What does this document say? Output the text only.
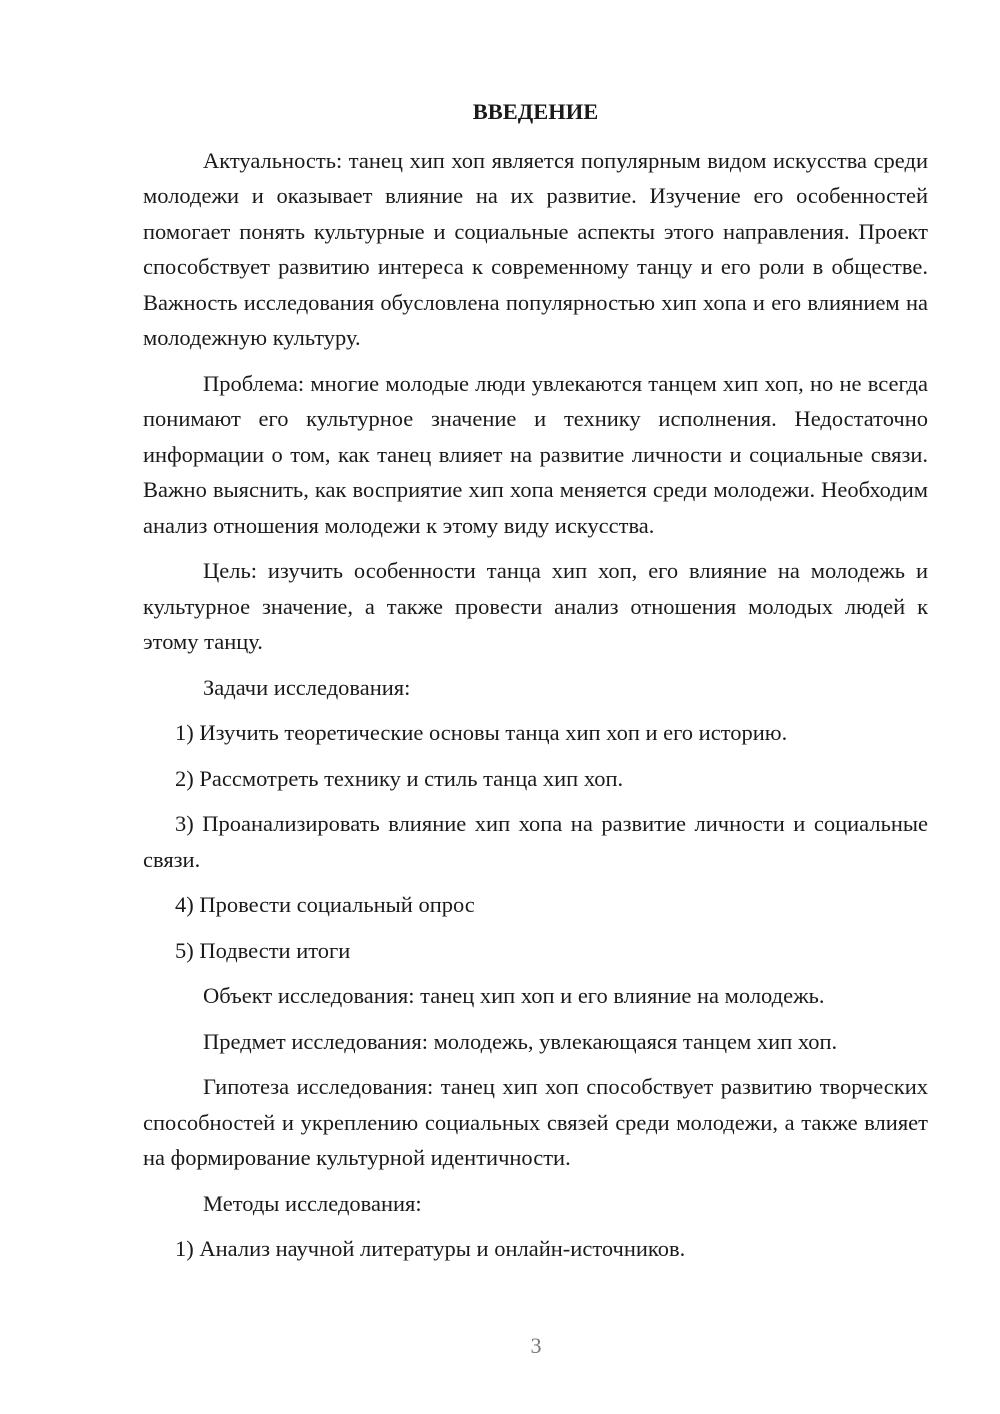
ВВЕДЕНИЕ

Актуальность: танец хип хоп является популярным видом искусства среди молодежи и оказывает влияние на их развитие. Изучение его особенностей помогает понять культурные и социальные аспекты этого направления. Проект способствует развитию интереса к современному танцу и его роли в обществе. Важность исследования обусловлена популярностью хип хопа и его влиянием на молодежную культуру.

Проблема: многие молодые люди увлекаются танцем хип хоп, но не всегда понимают его культурное значение и технику исполнения. Недостаточно информации о том, как танец влияет на развитие личности и социальные связи. Важно выяснить, как восприятие хип хопа меняется среди молодежи. Необходим анализ отношения молодежи к этому виду искусства.

Цель: изучить особенности танца хип хоп, его влияние на молодежь и культурное значение, а также провести анализ отношения молодых людей к этому танцу.

Задачи исследования:

1) Изучить теоретические основы танца хип хоп и его историю.

2) Рассмотреть технику и стиль танца хип хоп.

3) Проанализировать влияние хип хопа на развитие личности и социальные связи.

4) Провести социальный опрос

5) Подвести итоги

Объект исследования: танец хип хоп и его влияние на молодежь.

Предмет исследования: молодежь, увлекающаяся танцем хип хоп.

Гипотеза исследования: танец хип хоп способствует развитию творческих способностей и укреплению социальных связей среди молодежи, а также влияет на формирование культурной идентичности.

Методы исследования:

1) Анализ научной литературы и онлайн-источников.

3
